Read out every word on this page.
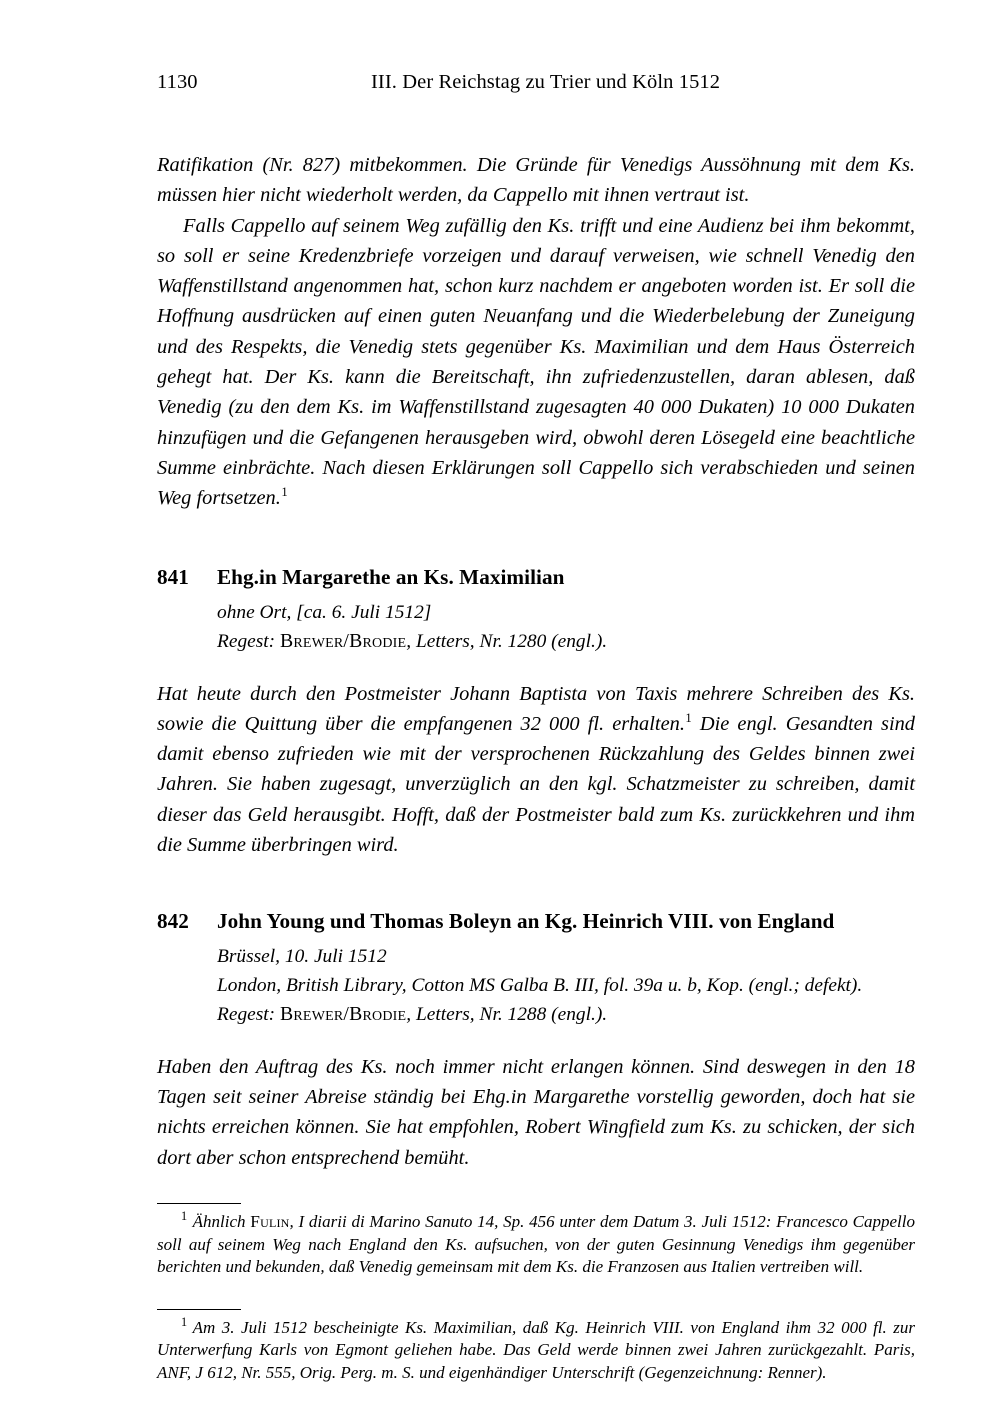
1130	III. Der Reichstag zu Trier und Köln 1512

Ratifikation (Nr. 827) mitbekommen. Die Gründe für Venedigs Aussöhnung mit dem Ks. müssen hier nicht wiederholt werden, da Cappello mit ihnen vertraut ist.

Falls Cappello auf seinem Weg zufällig den Ks. trifft und eine Audienz bei ihm bekommt, so soll er seine Kredenzbriefe vorzeigen und darauf verweisen, wie schnell Venedig den Waffenstillstand angenommen hat, schon kurz nachdem er angeboten worden ist. Er soll die Hoffnung ausdrücken auf einen guten Neuanfang und die Wiederbelebung der Zuneigung und des Respekts, die Venedig stets gegenüber Ks. Maximilian und dem Haus Österreich gehegt hat. Der Ks. kann die Bereitschaft, ihn zufriedenzustellen, daran ablesen, daß Venedig (zu den dem Ks. im Waffenstillstand zugesagten 40 000 Dukaten) 10 000 Dukaten hinzufügen und die Gefangenen herausgeben wird, obwohl deren Lösegeld eine beachtliche Summe einbrächte. Nach diesen Erklärungen soll Cappello sich verabschieden und seinen Weg fortsetzen.$^1$

841 Ehg.in Margarethe an Ks. Maximilian
ohne Ort, [ca. 6. Juli 1512]
Regest: Brewer/Brodie, Letters, Nr. 1280 (engl.).

Hat heute durch den Postmeister Johann Baptista von Taxis mehrere Schreiben des Ks. sowie die Quittung über die empfangenen 32 000 fl. erhalten.$^1$ Die engl. Gesandten sind damit ebenso zufrieden wie mit der versprochenen Rückzahlung des Geldes binnen zwei Jahren. Sie haben zugesagt, unverzüglich an den kgl. Schatzmeister zu schreiben, damit dieser das Geld herausgibt. Hofft, daß der Postmeister bald zum Ks. zurückkehren und ihm die Summe überbringen wird.

842 John Young und Thomas Boleyn an Kg. Heinrich VIII. von England
Brüssel, 10. Juli 1512
London, British Library, Cotton MS Galba B. III, fol. 39a u. b, Kop. (engl.; defekt).
Regest: Brewer/Brodie, Letters, Nr. 1288 (engl.).

Haben den Auftrag des Ks. noch immer nicht erlangen können. Sind deswegen in den 18 Tagen seit seiner Abreise ständig bei Ehg.in Margarethe vorstellig geworden, doch hat sie nichts erreichen können. Sie hat empfohlen, Robert Wingfield zum Ks. zu schicken, der sich dort aber schon entsprechend bemüht.

$^1$ Ähnlich Fulin, I diarii di Marino Sanuto 14, Sp. 456 unter dem Datum 3. Juli 1512: Francesco Cappello soll auf seinem Weg nach England den Ks. aufsuchen, von der guten Gesinnung Venedigs ihm gegenüber berichten und bekunden, daß Venedig gemeinsam mit dem Ks. die Franzosen aus Italien vertreiben will.

$^1$ Am 3. Juli 1512 bescheinigte Ks. Maximilian, daß Kg. Heinrich VIII. von England ihm 32 000 fl. zur Unterwerfung Karls von Egmont geliehen habe. Das Geld werde binnen zwei Jahren zurückgezahlt. Paris, ANF, J 612, Nr. 555, Orig. Perg. m. S. und eigenhändiger Unterschrift (Gegenzeichnung: Renner).
